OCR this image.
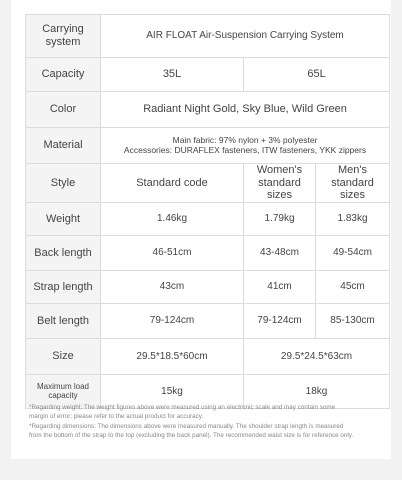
Carrying system	AIR FLOAT Air-Suspension Carrying System		
Capacity	35L	65L	
Color	Radiant Night Gold, Sky Blue, Wild Green		
Material	Main fabric: 97% nylon + 3% polyester
Accessories: DURAFLEX fasteners, ITW fasteners, YKK zippers		

Style	Standard code	Women's standard sizes	Men's standard sizes
Weight	1.46kg	1.79kg	1.83kg
Back length	46-51cm	43-48cm	49-54cm
Strap length	43cm	41cm	45cm
Belt length	79-124cm	79-124cm	85-130cm
Size	29.5*18.5*60cm	29.5*24.5*63cm	
Maximum load capacity	15kg	18kg	
*Regarding weight: The weight figures above were measured using an electronic scale and may contain some
margin of error; please refer to the actual product for accuracy.
*Regarding dimensions: The dimensions above were measured manually. The shoulder strap length is measured
from the bottom of the strap to the top (excluding the back panel). The recommended waist size is for reference only.
